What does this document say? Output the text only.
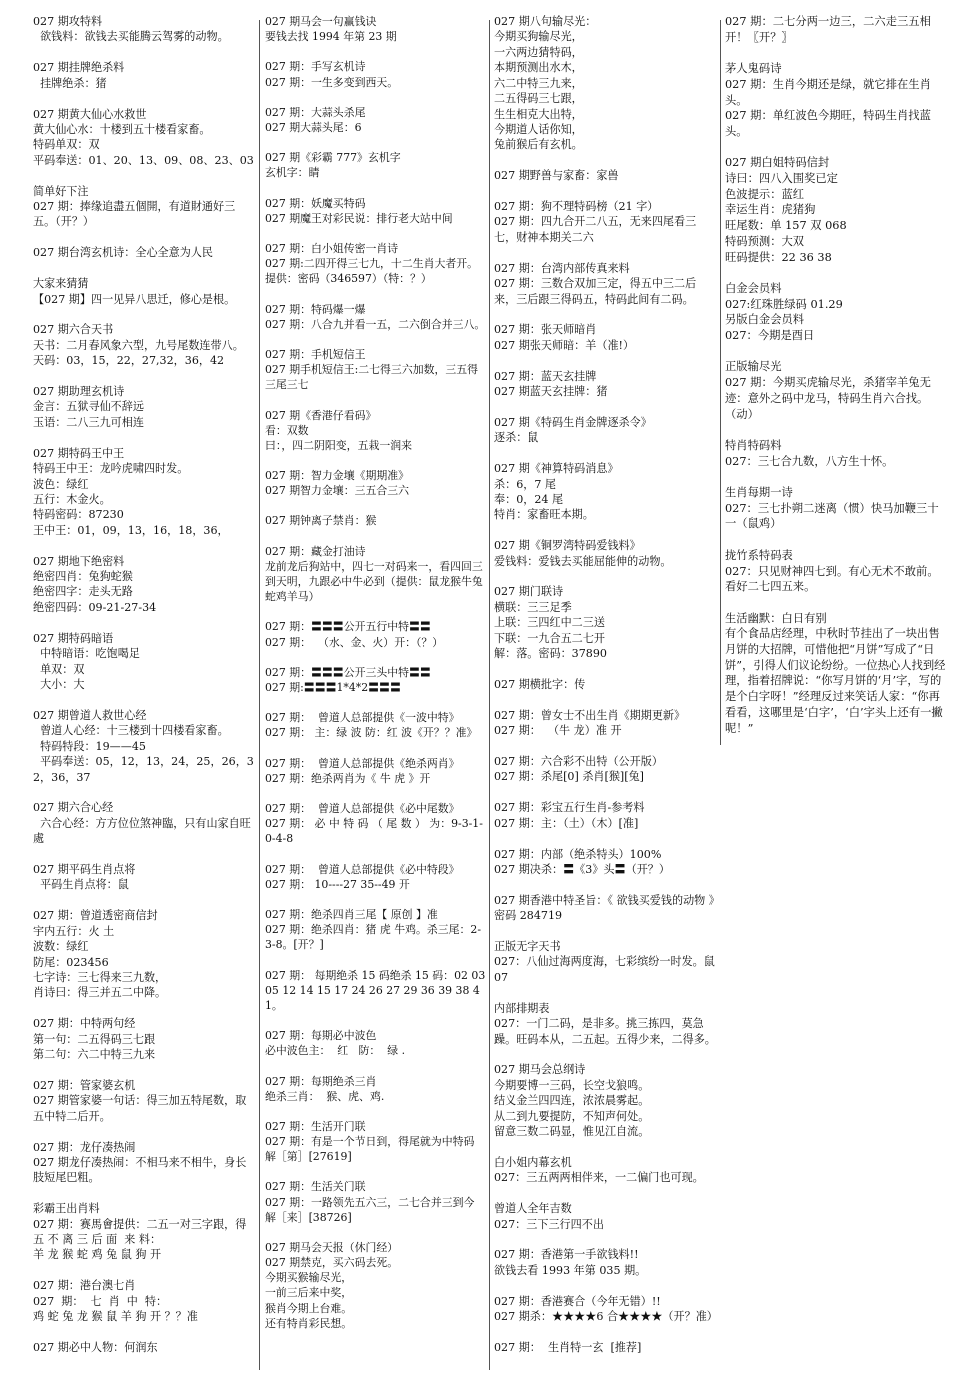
027 期攻特料
欲钱料：欲钱去买能腾云驾雾的动物。
027 期挂牌绝杀料
挂牌绝杀：猪
027 期黄大仙心水救世
黄大仙心水：十楼到五十楼看家畜。
特码单双：双
平码奉送：01、20、13、09、08、23、03
简单好下注
027 期：捧缘追盡五個開，有道財通好三五。（开？）
027 期台湾玄机诗：全心全意为人民
大家来猜猜
【027 期】四一见异八思迁，修心是根。
027 期六合天书
天书：二月春风象六型，九号尾数连带八。
天码：03，15，22，27,32，36，42
027 期助理玄机诗
金言：五狱寻仙不辞远
玉语：二八三九可相连
027 期特码王中王
特码王中王：龙吟虎啸四时发。
波色：绿红
五行：木金火。
特码密码：87230
王中王：01，09，13，16，18，36，
027 期地下绝密料
绝密四肖：兔狗蛇猴
绝密四字：走头无路
绝密四码：09-21-27-34
027 期特码暗语
中特暗语：吃饱喝足
单双：双
大小：大
027 期曾道人救世心经
曾道人心经：十三楼到十四楼看家畜。
特码特段：19——45
平码奉送：05，12，13，24，25，26，32，36，37
027 期六合心经
六合心经：方方位位煞神臨，只有山家自旺處
027 期平码生肖点将
平码生肖点将：鼠
027 期：曾道透密商信封
宇内五行：火 土
波数：绿红
防尾：023456
七字诗：三七得来三九数，
肖诗曰：得三并五二中降。
027 期：中特两句经
第一句：二五得码三七跟
第二句：六二中特三九来
027 期：管家婆玄机
027 期管家婆一句话：得三加五特尾数，取五中特二后开。
027 期：龙仔凑热闹
027 期龙仔凑热闹：不相马来不相牛，身长肢短尾巴粗。
彩霸王出肖料
027 期：赛馬會提供：二五一对三字跟，得 五 不 离 三 后 面  来 料：
羊 龙 猴 蛇 鸡 兔 鼠 狗 开
027 期：港台澳七肖
027  期：  七  肖  中  特：
鸡 蛇 兔 龙 猴 鼠 羊 狗 开 ？？准
027 期必中人物：何润东
027 期马会一句赢钱诀
要钱去找 1994 年第 23 期
027 期：手写玄机诗
027 期：一生多变到西天。
027 期：大蒜头杀尾
027 期大蒜头尾：6
027 期《彩霸 777》玄机字
玄机字：睛
027 期：妖魔买特码
027 期魔王对彩民说：排行老大站中间
027 期：白小姐传密一肖诗
027 期:二四开得三七九，十二生肖大者开。提供：密码（346597）（特：？）
027 期：特码爆一爆
027 期：八合九并看一五，二六倒合并三八。
027 期：手机短信王
027 期手机短信王:二七得三六加数，三五得三尾三七
027 期《香港仔看码》
看：双数
曰：，四二阴阳变，五栽一润来
027 期：智力金壤《期期准》
027 期智力金壤：三五合三六
027 期钟离子禁肖：猴
027 期：藏金打油诗
龙前龙后狗站中，四七一对码来一，看四回三到天明，九跟必中牛必到（提供：鼠龙猴牛兔蛇鸡羊马）
027 期：〓〓〓公开五行中特〓〓
027 期：  （水、金、火）开：（？）
027 期：〓〓〓公开三头中特〓〓
027 期:〓〓〓1*4*2〓〓〓
027 期：  曾道人总部提供《一波中特》
027 期： 主：绿 波 防：红 波《开？？准》
027 期：  曾道人总部提供《绝杀两肖》
027 期：绝杀两肖为《 牛 虎 》开
027 期：  曾道人总部提供《必中尾数》
027 期： 必 中 特 码 （ 尾 数 ） 为：9-3-1-0-4-8
027 期：  曾道人总部提供《必中特段》
027 期： 10----27 35--49 开
027 期：绝杀四肖三尾【 原创 】准
027 期：绝杀四肖：猪 虎 牛鸡。杀三尾：2-3-8。[开？]
027 期： 每期绝杀 15 码绝杀 15 码：02 03 05 12 14 15 17 24 26 27 29 36 39 38 41。
027 期：每期必中波色
必中波色主：  红   防：  绿 .
027 期：每期绝杀三肖
绝杀三肖：  猴、虎、鸡.
027 期：生活开门联
027 期：有是一个节日到，得尾就为中特码
解［第］[27619]
027 期：生活关门联
027 期：一路领先五六三，二七合并三到今
解［来］[38726]
027 期马会天报（休门经）
027 期禁克，买六码去死。
今期买猴输尽光，
一前三后来中奖，
猴肖今期上台难。
还有特肖彩民想。
027 期八句输尽光：
今期买狗输尽光，
一六两边猜特码，
本期预测出水木，
六二中特三九来，
二五得码三七跟，
生生相克大出特，
今期道人话你知，
兔前猴后有玄机。
027 期野兽与家畜：家兽
027 期：狗不理特码榜（21 字）
027 期：四九合开二八五，无来四尾看三七，财神本期关二六
027 期：台湾内部传真来料
027 期：三数合双加三定，得五中三二后来，三后跟三得码五，特码此间有二码。
027 期：张天师暗肖
027 期张天师暗：羊（准!）
027 期：蓝天玄挂牌
027 期蓝天玄挂牌：猪
027 期《特码生肖金牌逐杀令》
逐杀：鼠
027 期《神算特码消息》
杀：6，7 尾
奉：0，24 尾
特肖：家畜旺本期。
027 期《铜罗湾特码爱钱料》
爱钱料：爱钱去买能屈能伸的动物。
027 期门联诗
横联：三三足季
上联：三四红中二三送
下联：一九合五二七开
解：落。密码：37890
027 期横批字：传
027 期：曾女士不出生肖《期期更新》
027 期：  （牛 龙）准 开
027 期：六合彩不出特（公开版）
027 期：杀尾[0] 杀肖[猴][兔]
027 期：彩宝五行生肖-参考料
027 期：主：（土）（木）[准]
027 期：内部（绝杀特头）100%
027 期决杀：〓《3》头〓（开？）
027 期香港中特圣旨：《 欲钱买爱钱的动物 》密码 284719
正版无字天书
027：八仙过海两度海，七彩缤纷一时发。鼠 07
内部排期表
027：一门二码，是非多。挑三拣四，莫急躁。旺码本从，二五起。五得少来，二得多。
027 期马会总纲诗
今期要博一三码，长空戈狼鸣。
结义金兰四四连，浓浓晨雾起。
从二到九要提防，不知声何处。
留意三数二码显，惟见江自流。
白小姐内幕玄机
027：三五两两相伴来，一二偏门也可现。
曾道人全年吉数
027：三下三行四不出
027 期：香港第一手欲钱料!!
欲钱去看 1993 年第 035 期。
027 期：香港赛合（今年无错）!!
027 期杀：★★★★6 合★★★★（开？准）
027 期：  生肖特一玄  [推荐]
027 期：二七分两一边三，二六走三五相开！〖开？〗
茅人鬼码诗
027 期：生肖今期还是绿，就它排在生肖头。
027 期：单红波色今期旺，特码生肖找蓝头。
027 期白姐特码信封
诗曰：四八入围奖已定
色波提示：蓝红
幸运生肖：虎猪狗
旺尾数：单 157 双 068
特码预测：大双
旺码提供：22 36 38
白金会员料
027:红珠胜绿码 01.29
另版白金会员料
027：今期是酉日
正版输尽光
027 期：今期买虎输尽光，杀猪宰羊兔无迹：意外之码中龙马，特码生肖六合找。（动）
特肖特码料
027：三七合九数，八方生十怀。
生肖每期一诗
027：三七扑朔二迷离（惯）快马加鞭三十一（鼠鸡）
拢竹系特码表
027：只见财神四七到。有心无术不敢前。看好二七四五来。
生活幽默：白日有别
有个食品店经理，中秋时节挂出了一块出售月饼的大招牌，可惜他把“月饼”写成了“日饼”，引得人们议论纷纷。一位热心人找到经理，指着招牌说：“你写月饼的‘月’字，写的是个白字呀！”经理反过来笑话人家：“你再看看，这哪里是‘白字’，‘白’字头上还有一撇呢！”
